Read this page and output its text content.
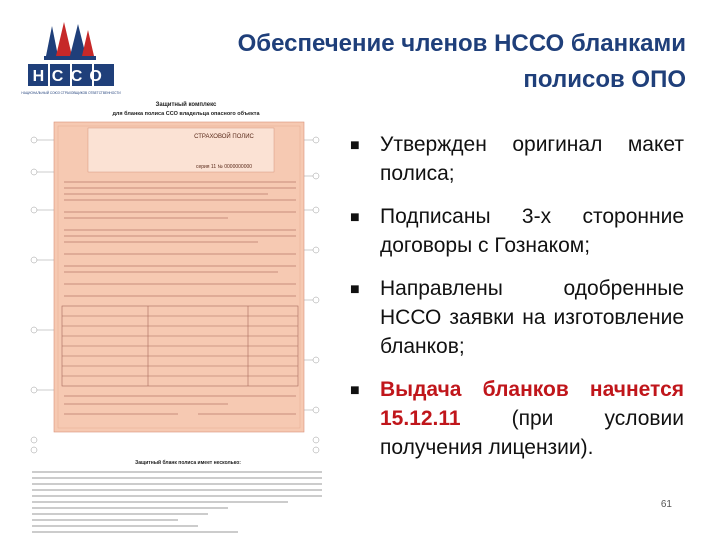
НССО
НАЦИОНАЛЬНЫЙ СОЮЗ СТРАХОВЩИКОВ ОТВЕТСТВЕННОСТИ
Обеспечение членов НССО бланками
полисов ОПО
Защитный комплекс
для бланка полиса ССО владельца опасного объекта
СТРАХОВОЙ ПОЛИС
серия 11 № 0000000000
Защитный бланк полиса имеет несколько:
■ Утвержден оригинал макет полиса;
■ Подписаны 3-х сторонние договоры с Гознаком;
■ Направлены одобренные НССО заявки на изготовление бланков;
■ Выдача бланков начнется 15.12.11 (при условии получения лицензии).
61
